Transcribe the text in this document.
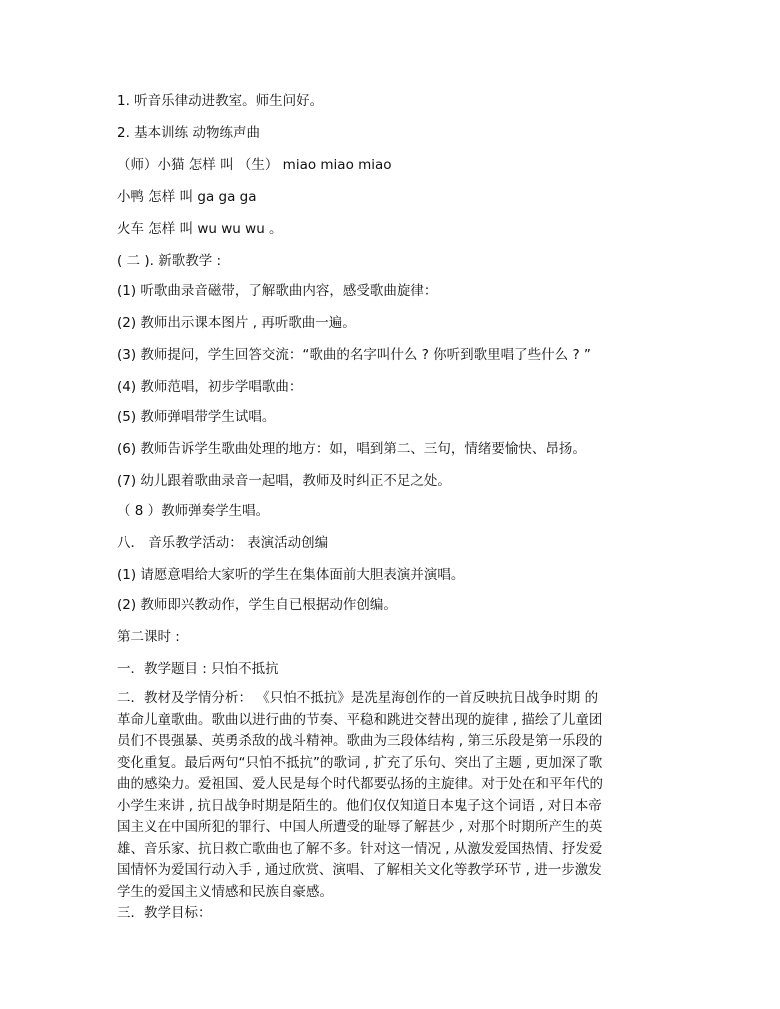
1. 听音乐律动进教室。师生问好。
2. 基本训练 动物练声曲
（师）小猫 怎样 叫 （生） miao miao miao
小鸭 怎样 叫 ga ga ga
火车 怎样 叫 wu wu wu 。
( 二 ). 新歌教学 :
(1) 听歌曲录音磁带，了解歌曲内容，感受歌曲旋律：
(2) 教师出示课本图片 , 再听歌曲一遍。
(3) 教师提问，学生回答交流：“歌曲的名字叫什么 ? 你听到歌里唱了些什么 ? ”
(4) 教师范唱，初步学唱歌曲：
(5) 教师弹唱带学生试唱。
(6) 教师告诉学生歌曲处理的地方：如，唱到第二、三句，情绪要愉快、昂扬。
(7) 幼儿跟着歌曲录音一起唱，教师及时纠正不足之处。
（ 8 ）教师弹奏学生唱。
八． 音乐教学活动： 表演活动创编
(1) 请愿意唱给大家听的学生在集体面前大胆表演并演唱。
(2) 教师即兴教动作，学生自已根据动作创编。
第二课时 :
一．教学题目 : 只怕不抵抗
二．教材及学情分析： 《只怕不抵抗》是冼星海创作的一首反映抗日战争时期 的
革命儿童歌曲。歌曲以进行曲的节奏、平稳和跳进交替出现的旋律 , 描绘了儿童团
员们不畏强暴、英勇杀敌的战斗精神。歌曲为三段体结构 , 第三乐段是第一乐段的
变化重复。最后两句“只怕不抵抗”的歌词 , 扩充了乐句、突出了主题 , 更加深了歌
曲的感染力。爱祖国、爱人民是每个时代都要弘扬的主旋律。对于处在和平年代的
小学生来讲 , 抗日战争时期是陌生的。他们仅仅知道日本鬼子这个词语 , 对日本帝
国主义在中国所犯的罪行、中国人所遭受的耻辱了解甚少 , 对那个时期所产生的英
雄、音乐家、抗日救亡歌曲也了解不多。针对这一情况 , 从激发爱国热情、抒发爱
国情怀为爱国行动入手 , 通过欣赏、演唱、了解相关文化等教学环节 , 进一步激发
学生的爱国主义情感和民族自豪感。
三．教学目标：
